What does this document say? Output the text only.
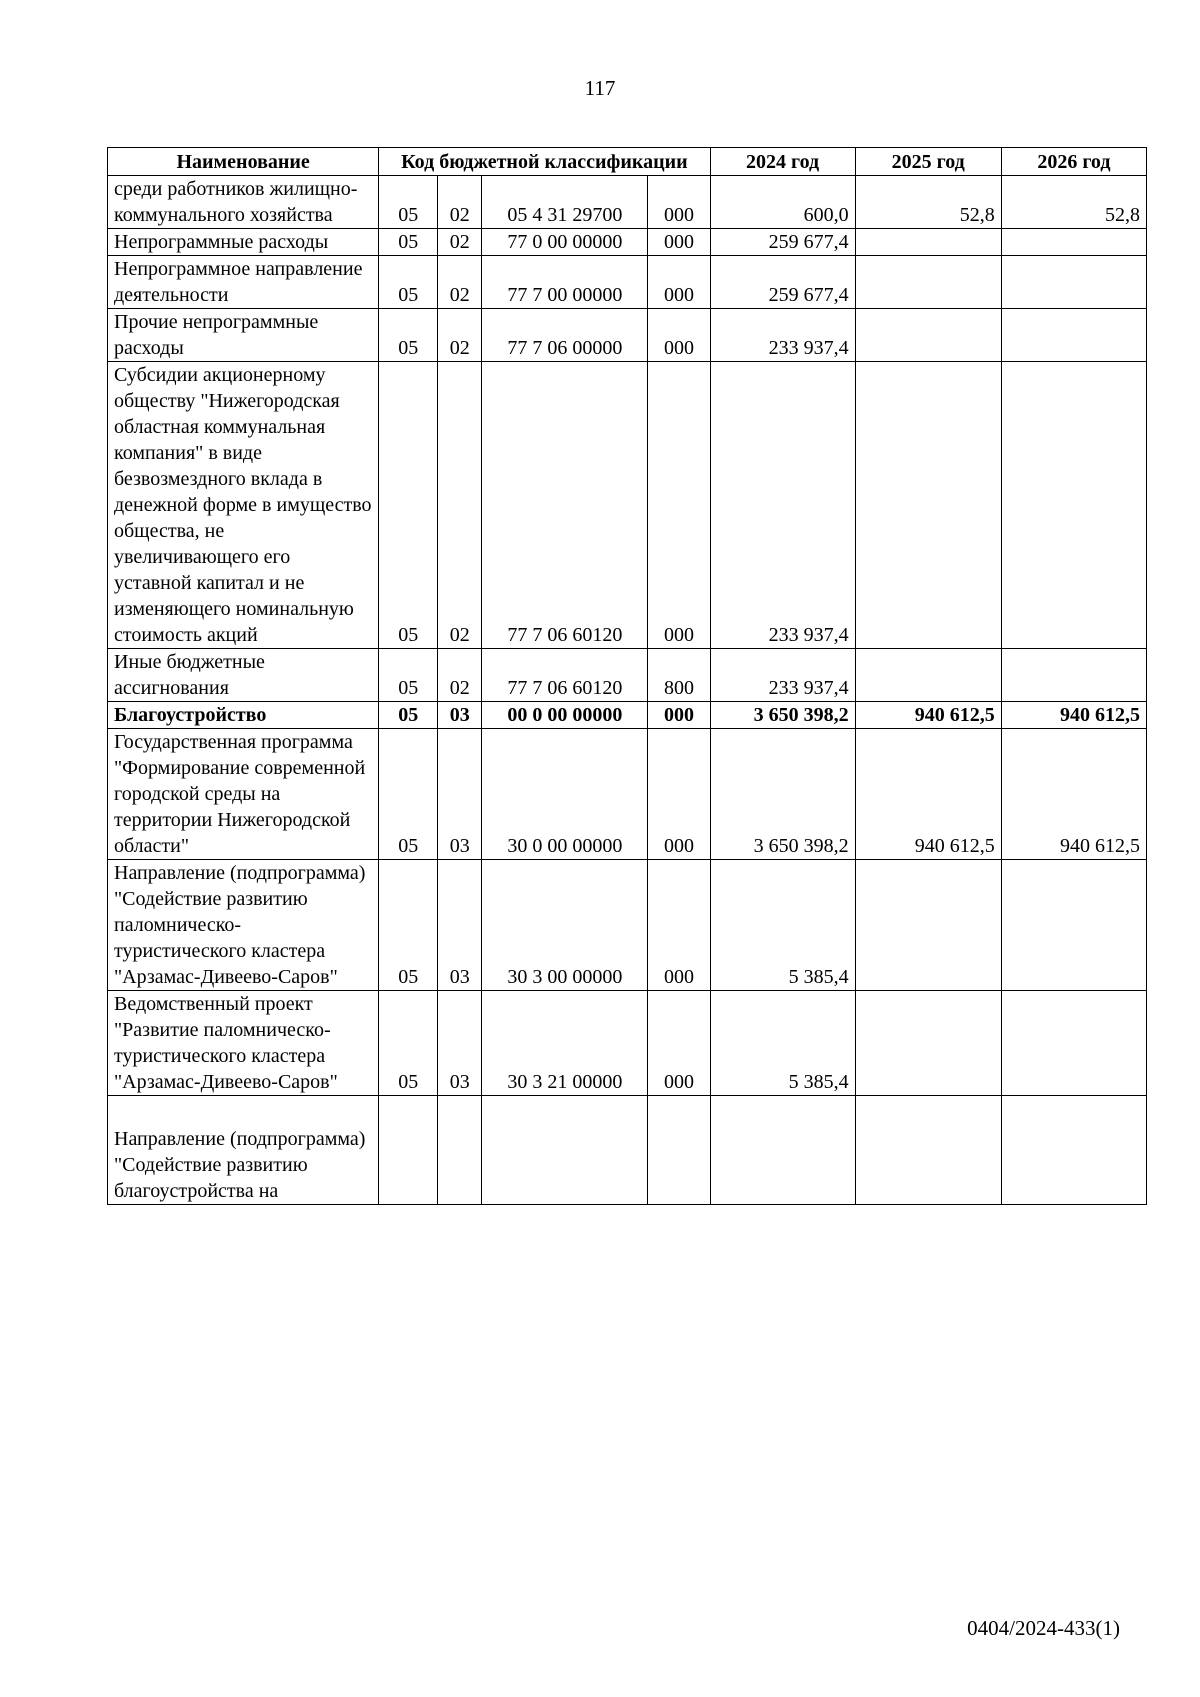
117
Наименование	Код бюджетной классификации				2024 год	2025 год	2026 год
среди работников жилищно-коммунального хозяйства	05	02	05 4 31 29700	000	600,0	52,8	52,8
Непрограммные расходы	05	02	77 0 00 00000	000	259 677,4		
Непрограммное направление деятельности	05	02	77 7 00 00000	000	259 677,4		
Прочие непрограммные расходы	05	02	77 7 06 00000	000	233 937,4		
Субсидии акционерному обществу "Нижегородская областная коммунальная компания" в виде безвозмездного вклада в денежной форме в имущество общества, не увеличивающего его уставной капитал и не изменяющего номинальную стоимость акций	05	02	77 7 06 60120	000	233 937,4		
Иные бюджетные ассигнования	05	02	77 7 06 60120	800	233 937,4		
Благоустройство	05	03	00 0 00 00000	000	3 650 398,2	940 612,5	940 612,5
Государственная программа "Формирование современной городской среды на территории Нижегородской области"	05	03	30 0 00 00000	000	3 650 398,2	940 612,5	940 612,5
Направление (подпрограмма) "Содействие развитию паломническо-туристического кластера "Арзамас-Дивеево-Саров"	05	03	30 3 00 00000	000	5 385,4		
Ведомственный проект "Развитие паломническо-туристического кластера "Арзамас-Дивеево-Саров"	05	03	30 3 21 00000	000	5 385,4		
Направление (подпрограмма) "Содействие развитию благоустройства на							
0404/2024-433(1)
